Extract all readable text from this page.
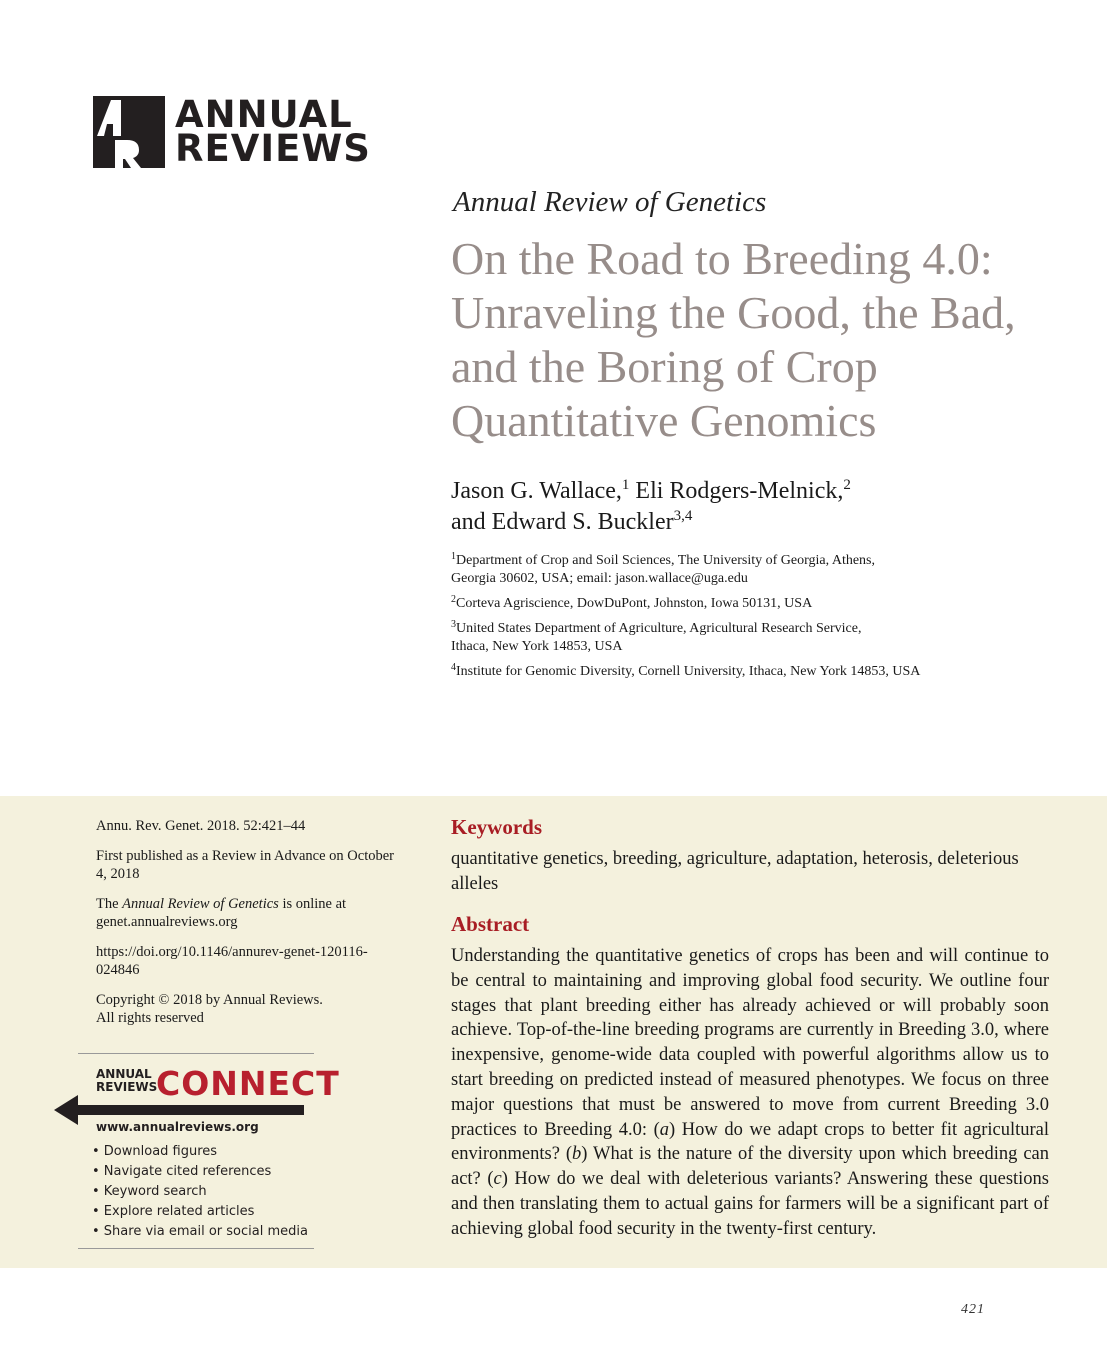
ANNUAL
REVIEWS
Annual Review of Genetics
On the Road to Breeding 4.0: Unraveling the Good, the Bad, and the Boring of Crop Quantitative Genomics
Jason G. Wallace,$^1$ Eli Rodgers-Melnick,$^2$
and Edward S. Buckler$^{3,4}$
$^1$Department of Crop and Soil Sciences, The University of Georgia, Athens,
Georgia 30602, USA; email: jason.wallace@uga.edu
$^2$Corteva Agriscience, DowDuPont, Johnston, Iowa 50131, USA
$^3$United States Department of Agriculture, Agricultural Research Service,
Ithaca, New York 14853, USA
$^4$Institute for Genomic Diversity, Cornell University, Ithaca, New York 14853, USA

Annu. Rev. Genet. 2018. 52:421–44

First published as a Review in Advance on October 4, 2018

The Annual Review of Genetics is online at genet.annualreviews.org

https://doi.org/10.1146/annurev-genet-120116-024846

Copyright © 2018 by Annual Reviews.
All rights reserved

ANNUAL
REVIEWS
CONNECT
www.annualreviews.org
• Download figures
• Navigate cited references
• Keyword search
• Explore related articles
• Share via email or social media
Keywords

quantitative genetics, breeding, agriculture, adaptation, heterosis, deleterious alleles

Abstract

Understanding the quantitative genetics of crops has been and will continue to be central to maintaining and improving global food security. We outline four stages that plant breeding either has already achieved or will probably soon achieve. Top-of-the-line breeding programs are currently in Breeding 3.0, where inexpensive, genome-wide data coupled with powerful algorithms allow us to start breeding on predicted instead of measured phenotypes. We focus on three major questions that must be answered to move from current Breeding 3.0 practices to Breeding 4.0: (a) How do we adapt crops to better fit agricultural environments? (b) What is the nature of the diversity upon which breeding can act? (c) How do we deal with deleterious variants? Answering these questions and then translating them to actual gains for farmers will be a significant part of achieving global food security in the twenty-first century.

421
